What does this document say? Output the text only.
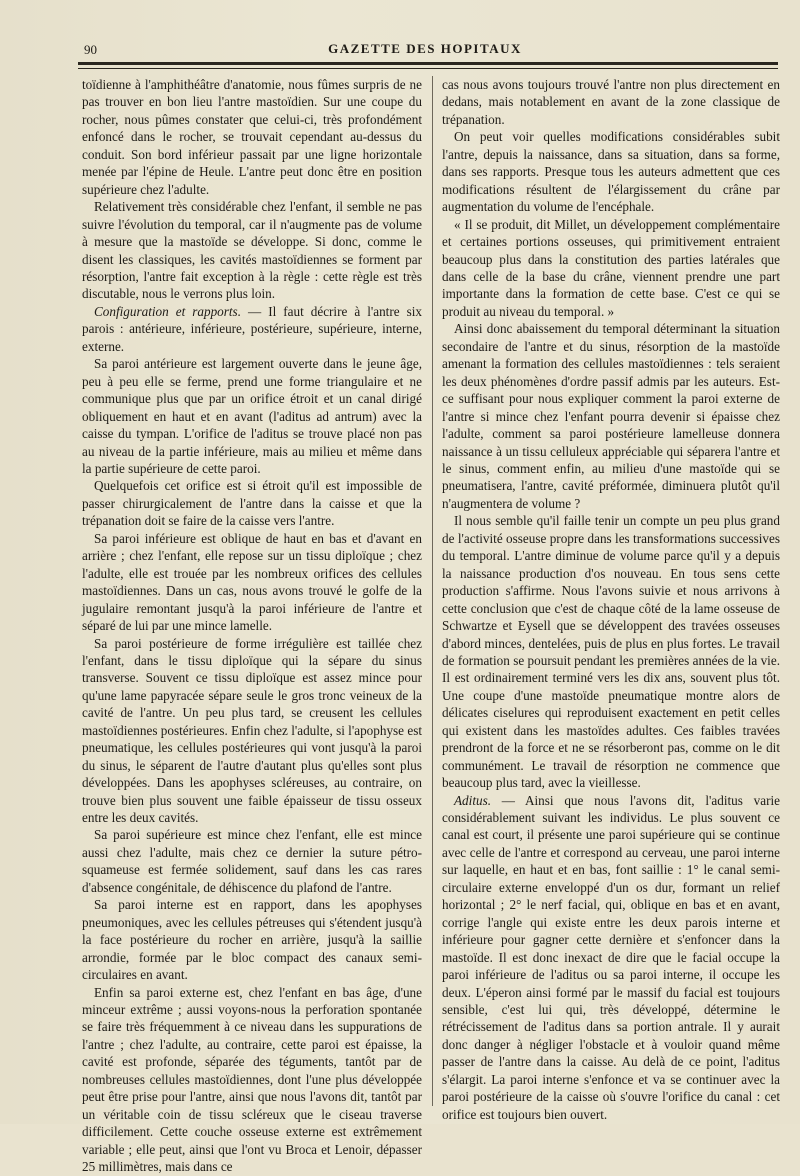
90	GAZETTE DES HOPITAUX

toïdienne à l'amphithéâtre d'anatomie, nous fûmes surpris de ne pas trouver en bon lieu l'antre mastoïdien. Sur une coupe du rocher, nous pûmes constater que celui-ci, très profondément enfoncé dans le rocher, se trouvait cependant au-dessus du conduit. Son bord inférieur passait par une ligne horizontale menée par l'épine de Heule. L'antre peut donc être en position supérieure chez l'adulte.

Relativement très considérable chez l'enfant, il semble ne pas suivre l'évolution du temporal, car il n'augmente pas de volume à mesure que la mastoïde se développe. Si donc, comme le disent les classiques, les cavités mastoïdiennes se forment par résorption, l'antre fait exception à la règle : cette règle est très discutable, nous le verrons plus loin.

Configuration et rapports. — Il faut décrire à l'antre six parois : antérieure, inférieure, postérieure, supérieure, interne, externe.

Sa paroi antérieure est largement ouverte dans le jeune âge, peu à peu elle se ferme, prend une forme triangulaire et ne communique plus que par un orifice étroit et un canal dirigé obliquement en haut et en avant (l'aditus ad antrum) avec la caisse du tympan. L'orifice de l'aditus se trouve placé non pas au niveau de la partie inférieure, mais au milieu et même dans la partie supérieure de cette paroi.

Quelquefois cet orifice est si étroit qu'il est impossible de passer chirurgicalement de l'antre dans la caisse et que la trépanation doit se faire de la caisse vers l'antre.

Sa paroi inférieure est oblique de haut en bas et d'avant en arrière ; chez l'enfant, elle repose sur un tissu diploïque ; chez l'adulte, elle est trouée par les nombreux orifices des cellules mastoïdiennes. Dans un cas, nous avons trouvé le golfe de la jugulaire remontant jusqu'à la paroi inférieure de l'antre et séparé de lui par une mince lamelle.

Sa paroi postérieure de forme irrégulière est taillée chez l'enfant, dans le tissu diploïque qui la sépare du sinus transverse. Souvent ce tissu diploïque est assez mince pour qu'une lame papyracée sépare seule le gros tronc veineux de la cavité de l'antre. Un peu plus tard, se creusent les cellules mastoïdiennes postérieures. Enfin chez l'adulte, si l'apophyse est pneumatique, les cellules postérieures qui vont jusqu'à la paroi du sinus, le séparent de l'autre d'autant plus qu'elles sont plus développées. Dans les apophyses scléreuses, au contraire, on trouve bien plus souvent une faible épaisseur de tissu osseux entre les deux cavités.

Sa paroi supérieure est mince chez l'enfant, elle est mince aussi chez l'adulte, mais chez ce dernier la suture pétro-squameuse est fermée solidement, sauf dans les cas rares d'absence congénitale, de déhiscence du plafond de l'antre.

Sa paroi interne est en rapport, dans les apophyses pneumoniques, avec les cellules pétreuses qui s'étendent jusqu'à la face postérieure du rocher en arrière, jusqu'à la saillie arrondie, formée par le bloc compact des canaux semi-circulaires en avant.

Enfin sa paroi externe est, chez l'enfant en bas âge, d'une minceur extrême ; aussi voyons-nous la perforation spontanée se faire très fréquemment à ce niveau dans les suppurations de l'antre ; chez l'adulte, au contraire, cette paroi est épaisse, la cavité est profonde, séparée des téguments, tantôt par de nombreuses cellules mastoïdiennes, dont l'une plus développée peut être prise pour l'antre, ainsi que nous l'avons dit, tantôt par un véritable coin de tissu scléreux que le ciseau traverse difficilement. Cette couche osseuse externe est extrêmement variable ; elle peut, ainsi que l'ont vu Broca et Lenoir, dépasser 25 millimètres, mais dans ce

cas nous avons toujours trouvé l'antre non plus directement en dedans, mais notablement en avant de la zone classique de trépanation.

On peut voir quelles modifications considérables subit l'antre, depuis la naissance, dans sa situation, dans sa forme, dans ses rapports. Presque tous les auteurs admettent que ces modifications résultent de l'élargissement du crâne par augmentation du volume de l'encéphale.

« Il se produit, dit Millet, un développement complémentaire et certaines portions osseuses, qui primitivement entraient beaucoup plus dans la constitution des parties latérales que dans celle de la base du crâne, viennent prendre une part importante dans la formation de cette base. C'est ce qui se produit au niveau du temporal. »

Ainsi donc abaissement du temporal déterminant la situation secondaire de l'antre et du sinus, résorption de la mastoïde amenant la formation des cellules mastoïdiennes : tels seraient les deux phénomènes d'ordre passif admis par les auteurs. Est-ce suffisant pour nous expliquer comment la paroi externe de l'antre si mince chez l'enfant pourra devenir si épaisse chez l'adulte, comment sa paroi postérieure lamelleuse donnera naissance à un tissu celluleux appréciable qui séparera l'antre et le sinus, comment enfin, au milieu d'une mastoïde qui se pneumatisera, l'antre, cavité préformée, diminuera plutôt qu'il n'augmentera de volume ?

Il nous semble qu'il faille tenir un compte un peu plus grand de l'activité osseuse propre dans les transformations successives du temporal. L'antre diminue de volume parce qu'il y a depuis la naissance production d'os nouveau. En tous sens cette production s'affirme. Nous l'avons suivie et nous arrivons à cette conclusion que c'est de chaque côté de la lame osseuse de Schwartze et Eysell que se développent des travées osseuses d'abord minces, dentelées, puis de plus en plus fortes. Le travail de formation se poursuit pendant les premières années de la vie. Il est ordinairement terminé vers les dix ans, souvent plus tôt. Une coupe d'une mastoïde pneumatique montre alors de délicates ciselures qui reproduisent exactement en petit celles qui existent dans les mastoïdes adultes. Ces faibles travées prendront de la force et ne se résorberont pas, comme on le dit communément. Le travail de résorption ne commence que beaucoup plus tard, avec la vieillesse.

Aditus. — Ainsi que nous l'avons dit, l'aditus varie considérablement suivant les individus. Le plus souvent ce canal est court, il présente une paroi supérieure qui se continue avec celle de l'antre et correspond au cerveau, une paroi interne sur laquelle, en haut et en bas, font saillie : 1° le canal semi-circulaire externe enveloppé d'un os dur, formant un relief horizontal ; 2° le nerf facial, qui, oblique en bas et en avant, corrige l'angle qui existe entre les deux parois interne et inférieure pour gagner cette dernière et s'enfoncer dans la mastoïde. Il est donc inexact de dire que le facial occupe la paroi inférieure de l'aditus ou sa paroi interne, il occupe les deux. L'éperon ainsi formé par le massif du facial est toujours sensible, c'est lui qui, très développé, détermine le rétrécissement de l'aditus dans sa portion antrale. Il y aurait donc danger à négliger l'obstacle et à vouloir quand même passer de l'antre dans la caisse. Au delà de ce point, l'aditus s'élargit. La paroi interne s'enfonce et va se continuer avec la paroi postérieure de la caisse où s'ouvre l'orifice du canal : cet orifice est toujours bien ouvert.
